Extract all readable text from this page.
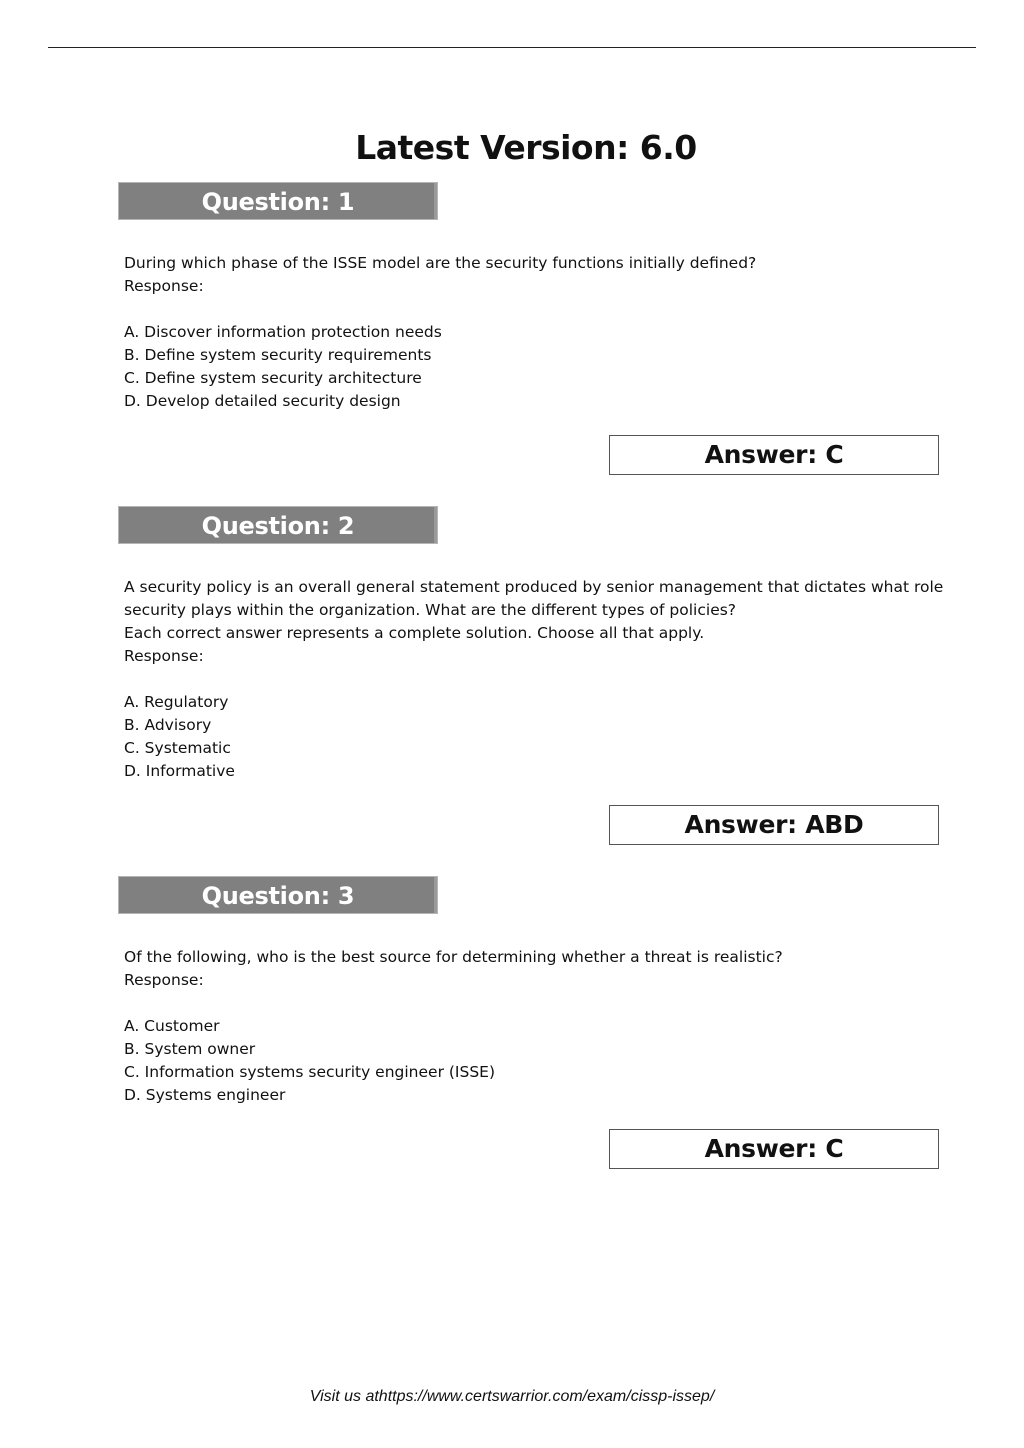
Latest Version: 6.0
Question: 1

During which phase of the ISSE model are the security functions initially defined?

Response:

A. Discover information protection needs

B. Define system security requirements

C. Define system security architecture

D. Develop detailed security design

Answer: C
Question: 2

A security policy is an overall general statement produced by senior management that dictates what role

security plays within the organization. What are the different types of policies?

Each correct answer represents a complete solution. Choose all that apply.

Response:

A. Regulatory

B. Advisory

C. Systematic

D. Informative

Answer: ABD
Question: 3

Of the following, who is the best source for determining whether a threat is realistic?

Response:

A. Customer

B. System owner

C. Information systems security engineer (ISSE)

D. Systems engineer

Answer: C
Visit us athttps://www.certswarrior.com/exam/cissp-issep/
